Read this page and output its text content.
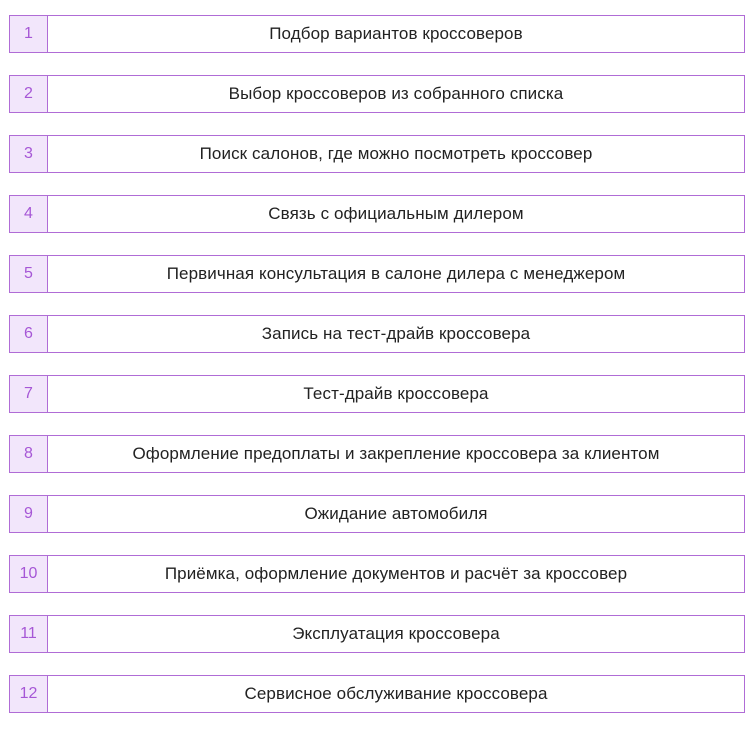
1	Подбор вариантов кроссоверов
2	Выбор кроссоверов из собранного списка
3	Поиск салонов, где можно посмотреть кроссовер
4	Связь с официальным дилером
5	Первичная консультация в салоне дилера с менеджером
6	Запись на тест-драйв кроссовера
7	Тест-драйв кроссовера
8	Оформление предоплаты и закрепление кроссовера за клиентом
9	Ожидание автомобиля
10	Приёмка, оформление документов и расчёт за кроссовер
11	Эксплуатация кроссовера
12	Сервисное обслуживание кроссовера
